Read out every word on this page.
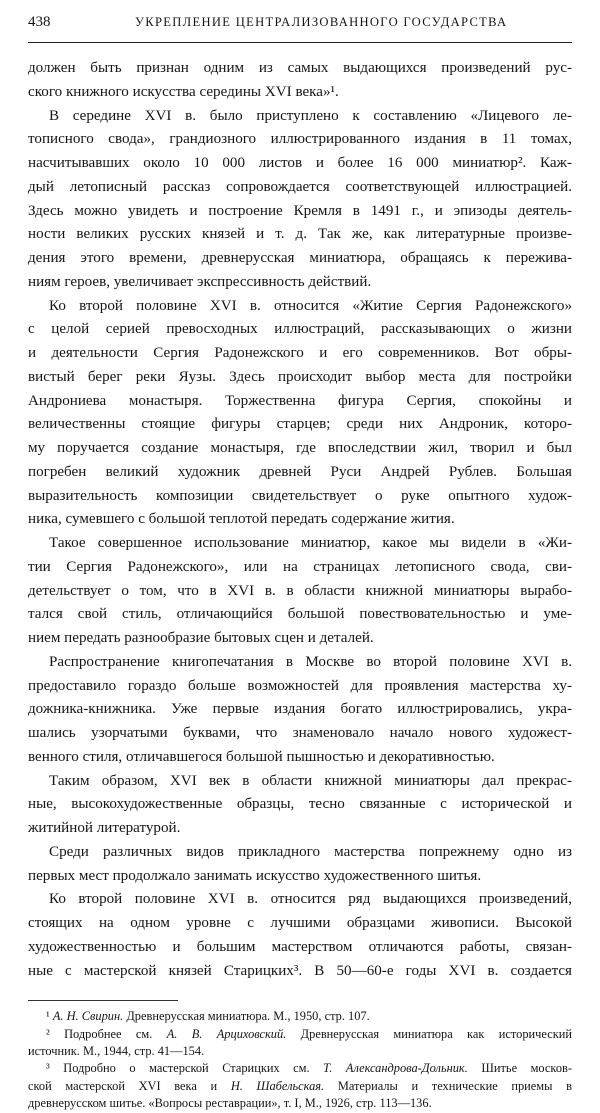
438	УКРЕПЛЕНИЕ ЦЕНТРАЛИЗОВАННОГО ГОСУДАРСТВА
должен быть признан одним из самых выдающихся произведений рус-
ского книжного искусства середины XVI века»¹.
В середине XVI в. было приступлено к составлению «Лицевого ле-
тописного свода», грандиозного иллюстрированного издания в 11 томах,
насчитывавших около 10 000 листов и более 16 000 миниатюр². Каж-
дый летописный рассказ сопровождается соответствующей иллюстрацией.
Здесь можно увидеть и построение Кремля в 1491 г., и эпизоды деятель-
ности великих русских князей и т. д. Так же, как литературные произве-
дения этого времени, древнерусская миниатюра, обращаясь к пережива-
ниям героев, увеличивает экспрессивность действий.
Ко второй половине XVI в. относится «Житие Сергия Радонежского»
с целой серией превосходных иллюстраций, рассказывающих о жизни
и деятельности Сергия Радонежского и его современников. Вот обры-
вистый берег реки Яузы. Здесь происходит выбор места для постройки
Андрониева монастыря. Торжественна фигура Сергия, спокойны и
величественны стоящие фигуры старцев; среди них Андроник, которо-
му поручается создание монастыря, где впоследствии жил, творил и был
погребен великий художник древней Руси Андрей Рублев. Большая
выразительность композиции свидетельствует о руке опытного худож-
ника, сумевшего с большой теплотой передать содержание жития.
Такое совершенное использование миниатюр, какое мы видели в «Жи-
тии Сергия Радонежского», или на страницах летописного свода, сви-
детельствует о том, что в XVI в. в области книжной миниатюры вырабо-
тался свой стиль, отличающийся большой повествовательностью и уме-
нием передать разнообразие бытовых сцен и деталей.
Распространение книгопечатания в Москве во второй половине XVI в.
предоставило гораздо больше возможностей для проявления мастерства ху-
дожника-книжника. Уже первые издания богато иллюстрировались, укра-
шались узорчатыми буквами, что знаменовало начало нового художест-
венного стиля, отличавшегося большой пышностью и декоративностью.
Таким образом, XVI век в области книжной миниатюры дал прекрас-
ные, высокохудожественные образцы, тесно связанные с исторической и
житийной литературой.
Среди различных видов прикладного мастерства попрежнему одно из
первых мест продолжало занимать искусство художественного шитья.
Ко второй половине XVI в. относится ряд выдающихся произведений,
стоящих на одном уровне с лучшими образцами живописи. Высокой
художественностью и большим мастерством отличаются работы, связан-
ные с мастерской князей Старицких³. В 50—60-е годы XVI в. создается
¹ А. Н. Свирин. Древнерусская миниатюра. М., 1950, стр. 107.
² Подробнее см. А. В. Арциховский. Древнерусская миниатюра как исторический
источник. М., 1944, стр. 41—154.
³ Подробно о мастерской Старицких см. Т. Александрова-Дольник. Шитье москов-
ской мастерской XVI века и Н. Шабельская. Материалы и технические приемы в
древнерусском шитье. «Вопросы реставрации», т. I, М., 1926, стр. 113—136.
